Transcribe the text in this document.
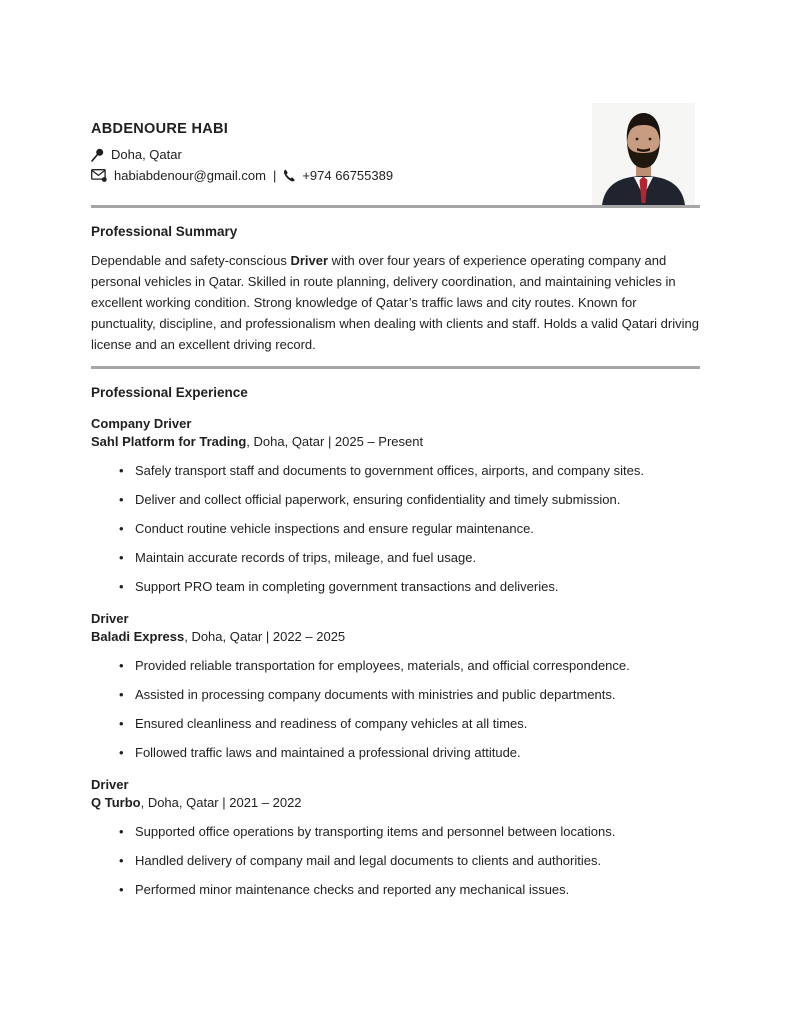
ABDENOURE HABI
Doha, Qatar
habiabdenour@gmail.com | +974 66755389
Professional Summary

Dependable and safety-conscious Driver with over four years of experience operating company and personal vehicles in Qatar. Skilled in route planning, delivery coordination, and maintaining vehicles in excellent working condition. Strong knowledge of Qatar’s traffic laws and city routes. Known for punctuality, discipline, and professionalism when dealing with clients and staff. Holds a valid Qatari driving license and an excellent driving record.

Professional Experience
Company Driver
Sahl Platform for Trading, Doha, Qatar | 2025 – Present
• Safely transport staff and documents to government offices, airports, and company sites.
• Deliver and collect official paperwork, ensuring confidentiality and timely submission.
• Conduct routine vehicle inspections and ensure regular maintenance.
• Maintain accurate records of trips, mileage, and fuel usage.
• Support PRO team in completing government transactions and deliveries.
Driver
Baladi Express, Doha, Qatar | 2022 – 2025
• Provided reliable transportation for employees, materials, and official correspondence.
• Assisted in processing company documents with ministries and public departments.
• Ensured cleanliness and readiness of company vehicles at all times.
• Followed traffic laws and maintained a professional driving attitude.
Driver
Q Turbo, Doha, Qatar | 2021 – 2022
• Supported office operations by transporting items and personnel between locations.
• Handled delivery of company mail and legal documents to clients and authorities.
• Performed minor maintenance checks and reported any mechanical issues.
